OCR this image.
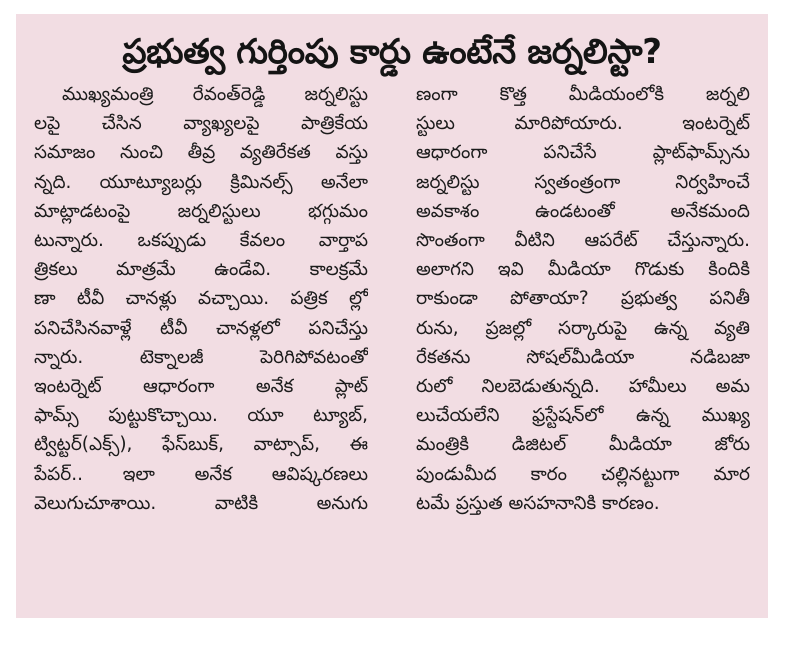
ప్రభుత్వ గుర్తింపు కార్డు ఉంటేనే జర్నలిస్టా?
ముఖ్యమంత్రి రేవంత్‌రెడ్డి జర్నలిస్టు
లపై చేసిన వ్యాఖ్యలపై పాత్రికేయ
సమాజం నుంచి తీవ్ర వ్యతిరేకత వస్తు
న్నది. యూట్యూబర్లు క్రిమినల్స్ అనేలా
మాట్లాడటంపై జర్నలిస్టులు భగ్గుమం
టున్నారు. ఒకప్పుడు కేవలం వార్తాప
త్రికలు మాత్రమే ఉండేవి. కాలక్రమే
ణా టీవీ చానళ్లు వచ్చాయి. పత్రిక ల్లో
పనిచేసినవాళ్లే టీవీ చానళ్లలో పనిచేస్తు
న్నారు. టెక్నాలజీ పెరిగిపోవటంతో
ఇంటర్నెట్ ఆధారంగా అనేక ప్లాట్
ఫామ్స్ పుట్టుకొచ్చాయి. యూ ట్యూబ్,
ట్విట్టర్(ఎక్స్), ఫేస్‌బుక్, వాట్సాప్, ఈ
పేపర్.. ఇలా అనేక ఆవిష్కరణలు
వెలుగుచూశాయి. వాటికి అనుగు
ణంగా కొత్త మీడియంలోకి జర్నలి
స్టులు మారిపోయారు. ఇంటర్నెట్
ఆధారంగా పనిచేసే ప్లాట్‌ఫామ్స్‌ను
జర్నలిస్టు స్వతంత్రంగా నిర్వహించే
అవకాశం ఉండటంతో అనేకమంది
సొంతంగా వీటిని ఆపరేట్ చేస్తున్నారు.
అలాగని ఇవి మీడియా గొడుకు కిందికి
రాకుండా పోతాయా? ప్రభుత్వ పనితీ
రును, ప్రజల్లో సర్కారుపై ఉన్న వ్యతి
రేకతను సోషల్‌మీడియా నడిబజా
రులో నిలబెడుతున్నది. హామీలు అమ
లుచేయలేని ఫ్రస్టేషన్‌లో ఉన్న ముఖ్య
మంత్రికి డిజిటల్ మీడియా జోరు
పుండుమీద కారం చల్లినట్టుగా మార
టమే ప్రస్తుత అసహనానికి కారణం.
